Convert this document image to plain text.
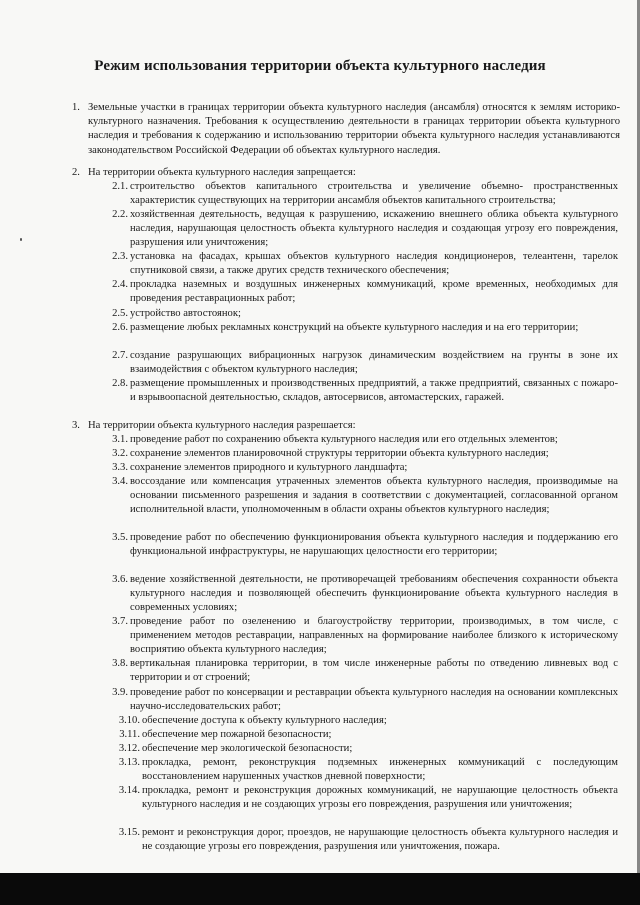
Режим использования территории объекта культурного наследия
1. Земельные участки в границах территории объекта культурного наследия (ансамбля) относятся к землям историко-культурного назначения. Требования к осуществлению деятельности в границах территории объекта культурного наследия и требования к содержанию и использованию территории объекта культурного наследия устанавливаются законодательством Российской Федерации об объектах культурного наследия.
2. На территории объекта культурного наследия запрещается:
2.1. строительство объектов капитального строительства и увеличение объемно- пространственных характеристик существующих на территории ансамбля объектов капитального строительства;
2.2. хозяйственная деятельность, ведущая к разрушению, искажению внешнего облика объекта культурного наследия, нарушающая целостность объекта культурного наследия и создающая угрозу его повреждения, разрушения или уничтожения;
2.3. установка на фасадах, крышах объектов культурного наследия кондиционеров, телеантенн, тарелок спутниковой связи, а также других средств технического обеспечения;
2.4. прокладка наземных и воздушных инженерных коммуникаций, кроме временных, необходимых для проведения реставрационных работ;
2.5. устройство автостоянок;
2.6. размещение любых рекламных конструкций на объекте культурного наследия и на его территории;
2.7. создание разрушающих вибрационных нагрузок динамическим воздействием на грунты в зоне их взаимодействия с объектом культурного наследия;
2.8. размещение промышленных и производственных предприятий, а также предприятий, связанных с пожаро- и взрывоопасной деятельностью, складов, автосервисов, автомастерских, гаражей.
3. На территории объекта культурного наследия разрешается:
3.1. проведение работ по сохранению объекта культурного наследия или его отдельных элементов;
3.2. сохранение элементов планировочной структуры территории объекта культурного наследия;
3.3. сохранение элементов природного и культурного ландшафта;
3.4. воссоздание или компенсация утраченных элементов объекта культурного наследия, производимые на основании письменного разрешения и задания в соответствии с документацией, согласованной органом исполнительной власти, уполномоченным в области охраны объектов культурного наследия;
3.5. проведение работ по обеспечению функционирования объекта культурного наследия и поддержанию его функциональной инфраструктуры, не нарушающих целостности его территории;
3.6. ведение хозяйственной деятельности, не противоречащей требованиям обеспечения сохранности объекта культурного наследия и позволяющей обеспечить функционирование объекта культурного наследия в современных условиях;
3.7. проведение работ по озеленению и благоустройству территории, производимых, в том числе, с применением методов реставрации, направленных на формирование наиболее близкого к историческому восприятию объекта культурного наследия;
3.8. вертикальная планировка территории, в том числе инженерные работы по отведению ливневых вод с территории и от строений;
3.9. проведение работ по консервации и реставрации объекта культурного наследия на основании комплексных научно-исследовательских работ;
3.10. обеспечение доступа к объекту культурного наследия;
3.11. обеспечение мер пожарной безопасности;
3.12. обеспечение мер экологической безопасности;
3.13. прокладка, ремонт, реконструкция подземных инженерных коммуникаций с последующим восстановлением нарушенных участков дневной поверхности;
3.14. прокладка, ремонт и реконструкция дорожных коммуникаций, не нарушающие целостность объекта культурного наследия и не создающих угрозы его повреждения, разрушения или уничтожения;
3.15. ремонт и реконструкция дорог, проездов, не нарушающие целостность объекта культурного наследия и не создающие угрозы его повреждения, разрушения или уничтожения, пожара.
